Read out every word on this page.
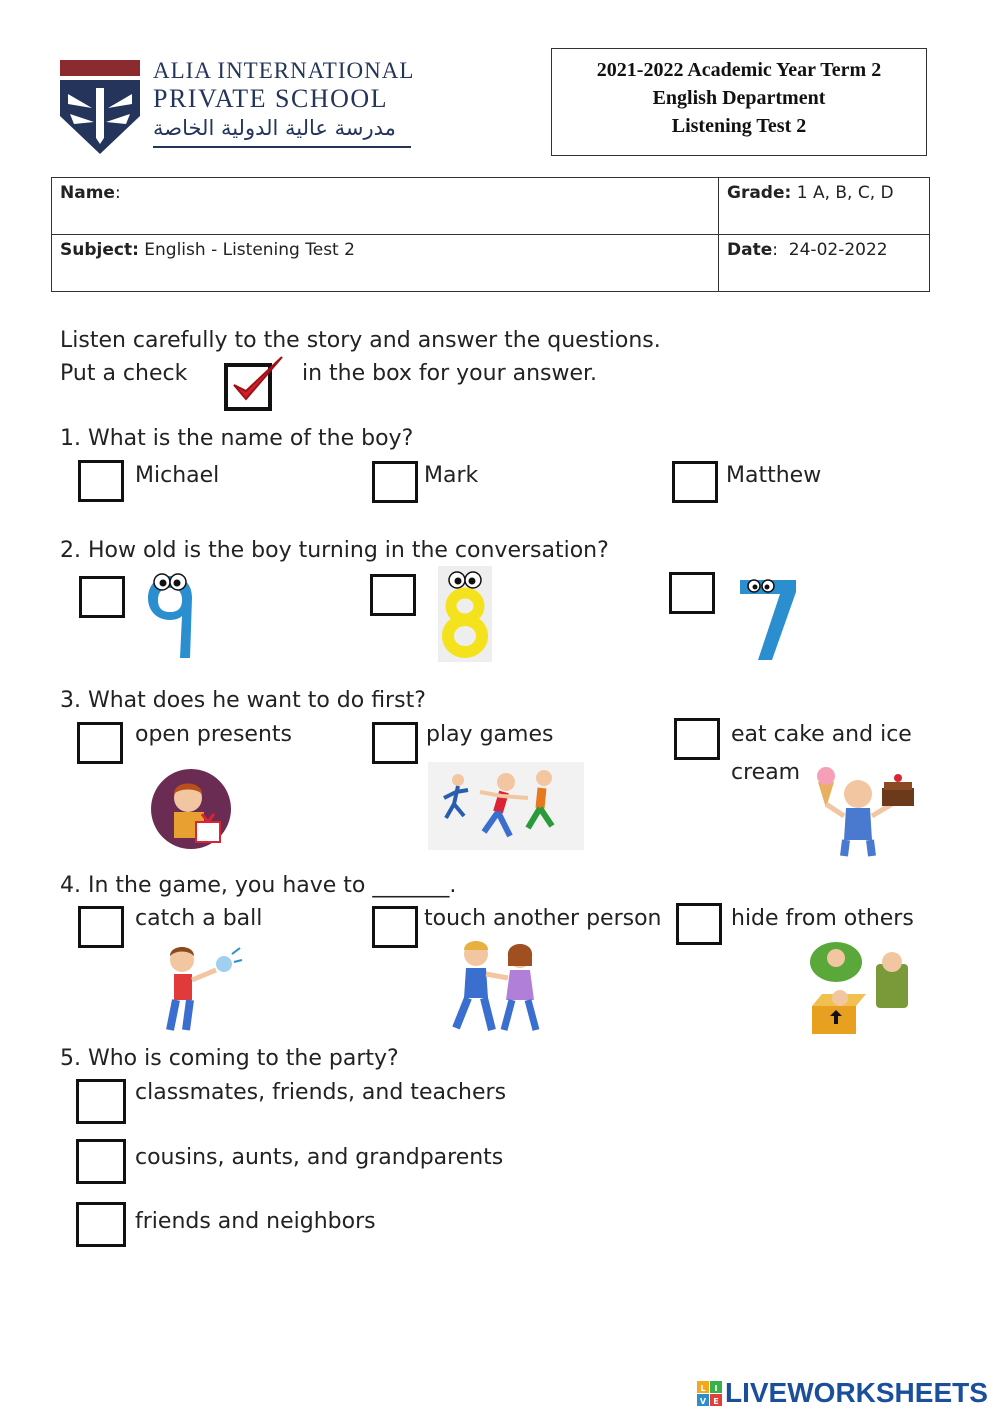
ALIA INTERNATIONAL
PRIVATE SCHOOL
مدرسة عالية الدولية الخاصة
2021-2022 Academic Year Term 2
English Department
Listening Test 2
Name:	Grade: 1 A, B, C, D
Subject: English - Listening Test 2	Date: 24-02-2022
Listen carefully to the story and answer the questions.
Put a check	in the box for your answer.
1. What is the name of the boy?
Michael	Mark	Matthew
2. How old is the boy turning in the conversation?
3. What does he want to do first?
open presents	play games	eat cake and ice
cream
4. In the game, you have to _______.
catch a ball	touch another person	hide from others
5. Who is coming to the party?
classmates, friends, and teachers
cousins, aunts, and grandparents
friends and neighbors
L I
V E LIVEWORKSHEETS
